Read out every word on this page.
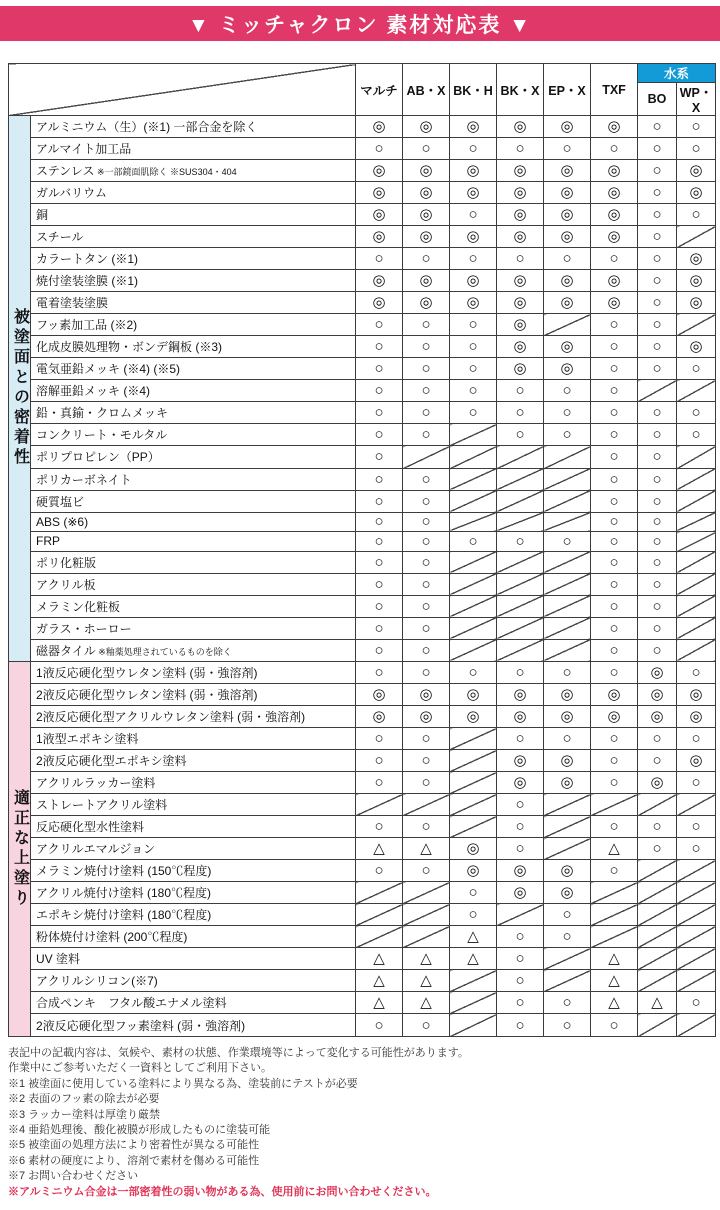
▼ ミッチャクロン 素材対応表 ▼
		マルチ	AB・X	BK・H	BK・X	EP・X	TXF	水系	
								BO	WP・X

被塗面との密着性	アルミニウム（生）(※1) 一部合金を除く	◎	◎	◎	◎	◎	◎	○	○
	アルマイト加工品	○	○	○	○	○	○	○	○
	ステンレス ※一部鏡面肌除く ※SUS304・404	◎	◎	◎	◎	◎	◎	○	◎
	ガルバリウム	◎	◎	◎	◎	◎	◎	○	◎
	銅	◎	◎	○	◎	◎	◎	○	○
	スチール	◎	◎	◎	◎	◎	◎	○	
	カラートタン (※1)	○	○	○	○	○	○	○	◎
	焼付塗装塗膜 (※1)	◎	◎	◎	◎	◎	◎	○	◎
	電着塗装塗膜	◎	◎	◎	◎	◎	◎	○	◎
	フッ素加工品 (※2)	○	○	○	◎		○	○	
	化成皮膜処理物・ボンデ鋼板 (※3)	○	○	○	◎	◎	○	○	◎
	電気亜鉛メッキ (※4) (※5)	○	○	○	◎	◎	○	○	○
	溶解亜鉛メッキ (※4)	○	○	○	○	○	○		
	鉛・真鍮・クロムメッキ	○	○	○	○	○	○	○	○
	コンクリート・モルタル	○	○		○	○	○	○	○
	ポリプロピレン（PP）	○					○	○	
	ポリカーボネイト	○	○				○	○	
	硬質塩ビ	○	○				○	○	
	ABS (※6)	○	○				○	○	
	FRP	○	○	○	○	○	○	○	
	ポリ化粧版	○	○				○	○	
	アクリル板	○	○				○	○	
	メラミン化粧板	○	○				○	○	
	ガラス・ホーロー	○	○				○	○	
	磁器タイル ※釉薬処理されているものを除く	○	○				○	○	

適正な上塗り	1液反応硬化型ウレタン塗料 (弱・強溶剤)	○	○	○	○	○	○	◎	○
	2液反応硬化型ウレタン塗料 (弱・強溶剤)	◎	◎	◎	◎	◎	◎	◎	◎
	2液反応硬化型アクリルウレタン塗料 (弱・強溶剤)	◎	◎	◎	◎	◎	◎	◎	◎
	1液型エポキシ塗料	○	○		○	○	○	○	○
	2液反応硬化型エポキシ塗料	○	○		◎	◎	○	○	◎
	アクリルラッカー塗料	○	○		◎	◎	○	◎	○
	ストレートアクリル塗料				○				
	反応硬化型水性塗料	○	○		○		○	○	○
	アクリルエマルジョン	△	△	◎	○		△	○	○
	メラミン焼付け塗料 (150℃程度)	○	○	◎	◎	◎	○		
	アクリル焼付け塗料 (180℃程度)			○	◎	◎			
	エポキシ焼付け塗料 (180℃程度)			○		○			
	粉体焼付け塗料 (200℃程度)			△	○	○			
	UV 塗料	△	△	△	○		△		
	アクリルシリコン(※7)	△	△		○		△		
	合成ペンキ　フタル酸エナメル塗料	△	△		○	○	△	△	○
	2液反応硬化型フッ素塗料 (弱・強溶剤)	○	○		○	○	○		
表記中の記載内容は、気候や、素材の状態、作業環境等によって変化する可能性があります。
作業中にご参考いただく一資料としてご利用下さい。
※1 被塗面に使用している塗料により異なる為、塗装前にテストが必要
※2 表面のフッ素の除去が必要
※3 ラッカー塗料は厚塗り厳禁
※4 亜鉛処理後、酸化被膜が形成したものに塗装可能
※5 被塗面の処理方法により密着性が異なる可能性
※6 素材の硬度により、溶剤で素材を傷める可能性
※7 お問い合わせください
※アルミニウム合金は一部密着性の弱い物がある為、使用前にお問い合わせください。
